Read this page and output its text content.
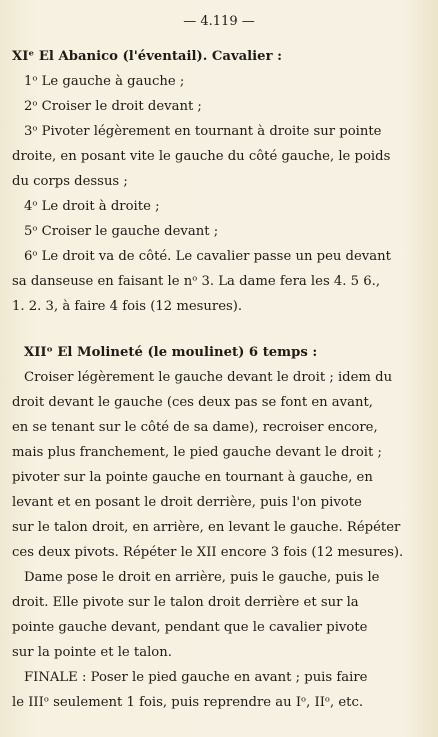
— 4.119 —
XIᵉ El Abanico (l'éventail). Cavalier :
1ᵒ Le gauche à gauche ;
2ᵒ Croiser le droit devant ;
3ᵒ Pivoter légèrement en tournant à droite sur pointe
droite, en posant vite le gauche du côté gauche, le poids
du corps dessus ;
4ᵒ Le droit à droite ;
5ᵒ Croiser le gauche devant ;
6ᵒ Le droit va de côté. Le cavalier passe un peu devant
sa danseuse en faisant le nᵒ 3. La dame fera les 4. 5 6.,
1. 2. 3, à faire 4 fois (12 mesures).
XIIᵒ El Molineté (le moulinet) 6 temps :
Croiser légèrement le gauche devant le droit ; idem du
droit devant le gauche (ces deux pas se font en avant,
en se tenant sur le côté de sa dame), recroiser encore,
mais plus franchement, le pied gauche devant le droit ;
pivoter sur la pointe gauche en tournant à gauche, en
levant et en posant le droit derrière, puis l'on pivote
sur le talon droit, en arrière, en levant le gauche. Répéter
ces deux pivots. Répéter le XII encore 3 fois (12 mesures).
Dame pose le droit en arrière, puis le gauche, puis le
droit. Elle pivote sur le talon droit derrière et sur la
pointe gauche devant, pendant que le cavalier pivote
sur la pointe et le talon.
FINALE : Poser le pied gauche en avant ; puis faire
le IIIᵒ seulement 1 fois, puis reprendre au Iᵒ, IIᵒ, etc.
